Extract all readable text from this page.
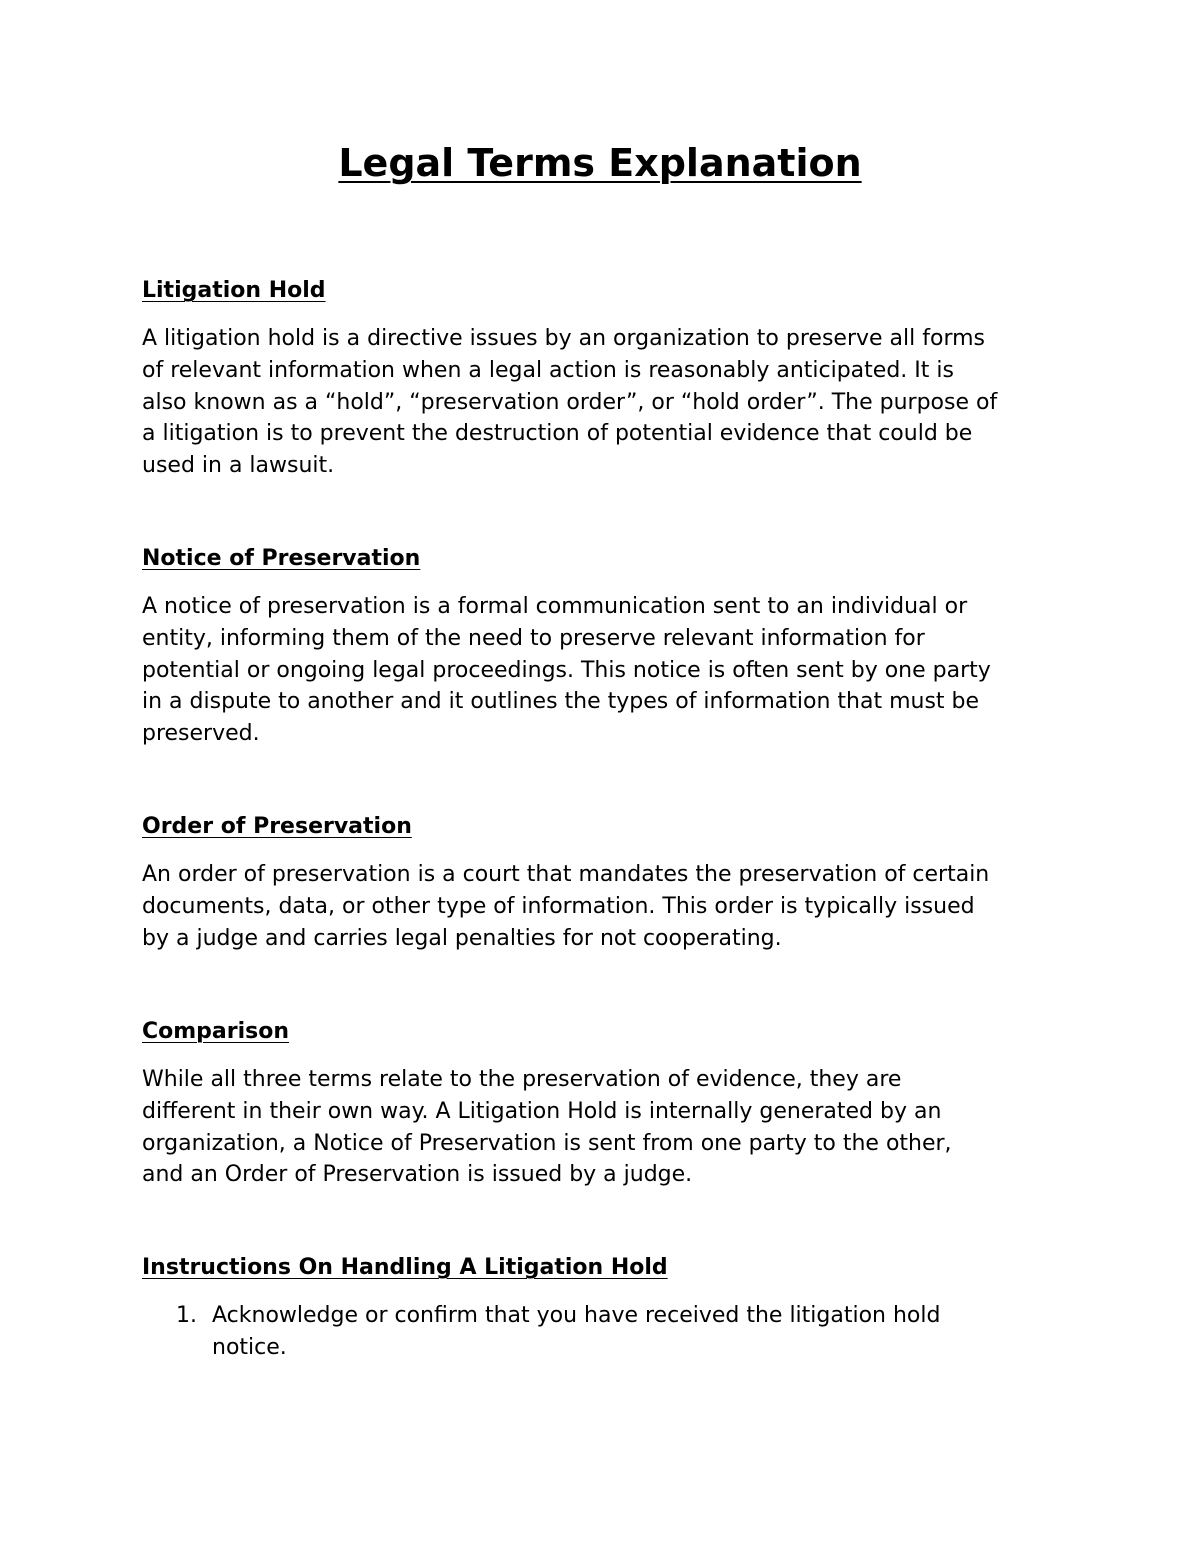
Legal Terms Explanation
Litigation Hold

A litigation hold is a directive issues by an organization to preserve all forms
of relevant information when a legal action is reasonably anticipated. It is
also known as a “hold”, “preservation order”, or “hold order”. The purpose of
a litigation is to prevent the destruction of potential evidence that could be
used in a lawsuit.

Notice of Preservation

A notice of preservation is a formal communication sent to an individual or
entity, informing them of the need to preserve relevant information for
potential or ongoing legal proceedings. This notice is often sent by one party
in a dispute to another and it outlines the types of information that must be
preserved.

Order of Preservation

An order of preservation is a court that mandates the preservation of certain
documents, data, or other type of information. This order is typically issued
by a judge and carries legal penalties for not cooperating.

Comparison

While all three terms relate to the preservation of evidence, they are
different in their own way. A Litigation Hold is internally generated by an
organization, a Notice of Preservation is sent from one party to the other,
and an Order of Preservation is issued by a judge.

Instructions On Handling A Litigation Hold
1. Acknowledge or confirm that you have received the litigation hold
notice.
